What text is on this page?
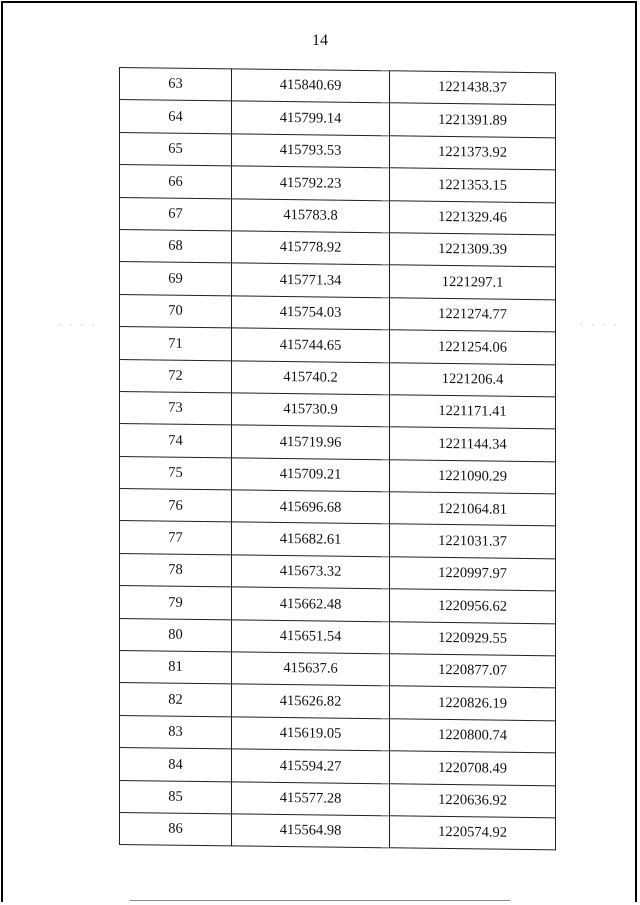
14
· · · ·	· · · ·
63	415840.69	1221438.37
64	415799.14	1221391.89
65	415793.53	1221373.92
66	415792.23	1221353.15
67	415783.8	1221329.46
68	415778.92	1221309.39
69	415771.34	1221297.1
70	415754.03	1221274.77
71	415744.65	1221254.06
72	415740.2	1221206.4
73	415730.9	1221171.41
74	415719.96	1221144.34
75	415709.21	1221090.29
76	415696.68	1221064.81
77	415682.61	1221031.37
78	415673.32	1220997.97
79	415662.48	1220956.62
80	415651.54	1220929.55
81	415637.6	1220877.07
82	415626.82	1220826.19
83	415619.05	1220800.74
84	415594.27	1220708.49
85	415577.28	1220636.92
86	415564.98	1220574.92
